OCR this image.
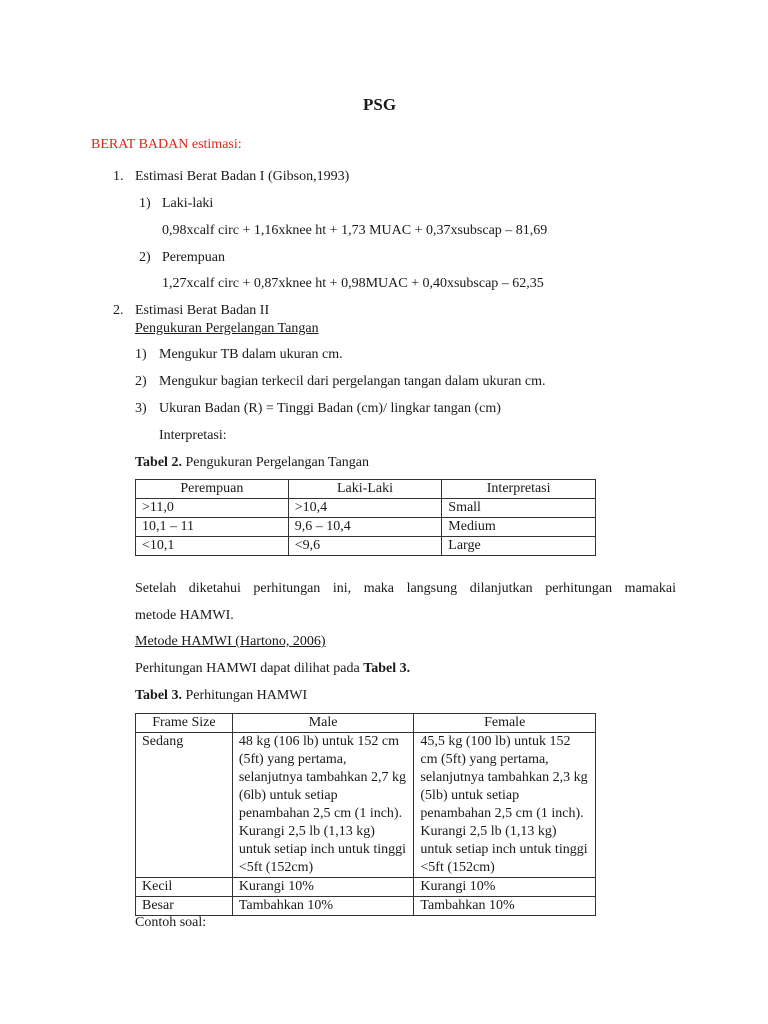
PSG
BERAT BADAN estimasi:
1. Estimasi Berat Badan I (Gibson,1993)
1) Laki-laki
0,98xcalf circ + 1,16xknee ht + 1,73 MUAC + 0,37xsubscap – 81,69
2) Perempuan
1,27xcalf circ + 0,87xknee ht + 0,98MUAC + 0,40xsubscap – 62,35
2. Estimasi Berat Badan II
Pengukuran Pergelangan Tangan
1) Mengukur TB dalam ukuran cm.
2) Mengukur bagian terkecil dari pergelangan tangan dalam ukuran cm.
3) Ukuran Badan (R) = Tinggi Badan (cm)/ lingkar tangan (cm)
Interpretasi:
Tabel 2. Pengukuran Pergelangan Tangan
Perempuan	Laki-Laki	Interpretasi
>11,0	>10,4	Small
10,1 – 11	9,6 – 10,4	Medium
<10,1	<9,6	Large
Setelah diketahui perhitungan ini, maka langsung dilanjutkan perhitungan mamakai
metode HAMWI.
Metode HAMWI (Hartono, 2006)
Perhitungan HAMWI dapat dilihat pada Tabel 3.
Tabel 3. Perhitungan HAMWI
Frame Size	Male	Female
Sedang	48 kg (106 lb) untuk 152 cm (5ft) yang pertama, selanjutnya tambahkan 2,7 kg (6lb) untuk setiap penambahan 2,5 cm (1 inch). Kurangi 2,5 lb (1,13 kg) untuk setiap inch untuk tinggi <5ft (152cm)	45,5 kg (100 lb) untuk 152 cm (5ft) yang pertama, selanjutnya tambahkan 2,3 kg (5lb) untuk setiap penambahan 2,5 cm (1 inch). Kurangi 2,5 lb (1,13 kg) untuk setiap inch untuk tinggi <5ft (152cm)
Kecil	Kurangi 10%	Kurangi 10%
Besar	Tambahkan 10%	Tambahkan 10%
Contoh soal:
